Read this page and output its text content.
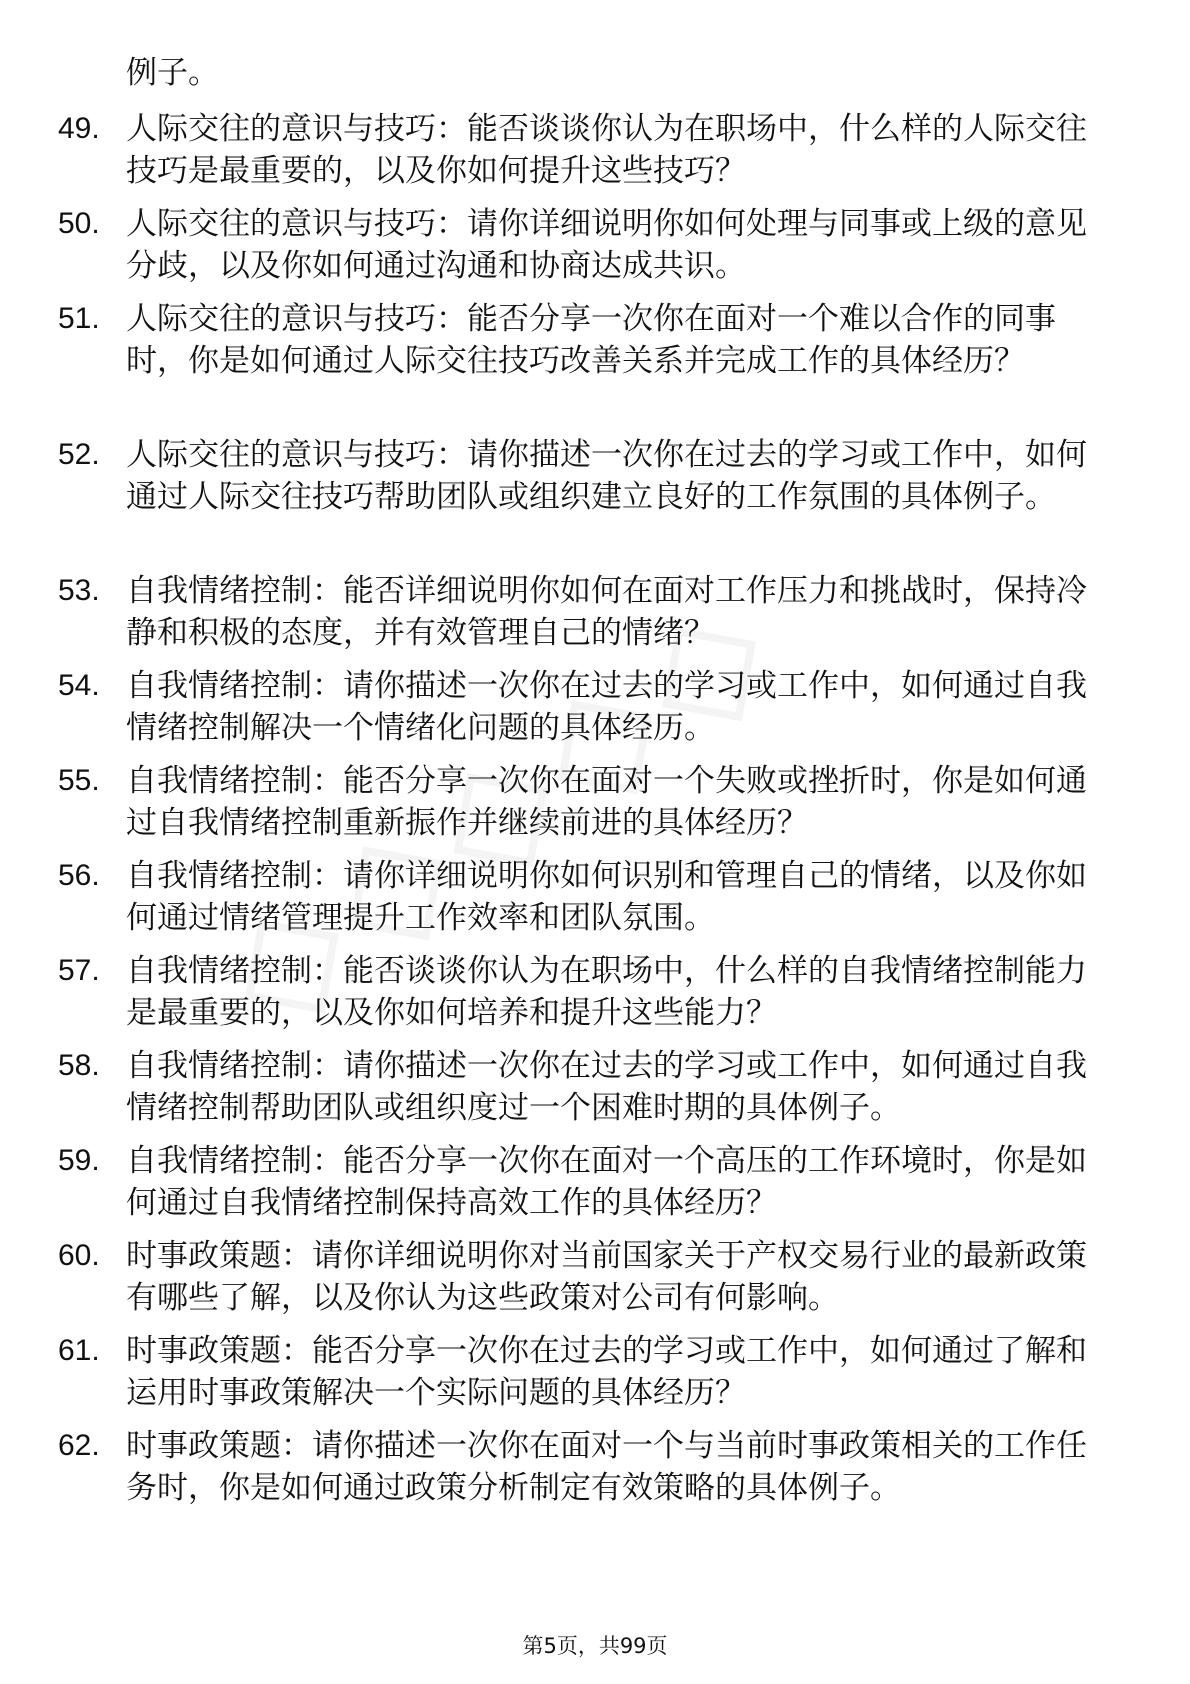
例子。
49. 人际交往的意识与技巧：能否谈谈你认为在职场中，什么样的人际交往技巧是最重要的，以及你如何提升这些技巧？
50. 人际交往的意识与技巧：请你详细说明你如何处理与同事或上级的意见分歧，以及你如何通过沟通和协商达成共识。
51. 人际交往的意识与技巧：能否分享一次你在面对一个难以合作的同事时，你是如何通过人际交往技巧改善关系并完成工作的具体经历？
52. 人际交往的意识与技巧：请你描述一次你在过去的学习或工作中，如何通过人际交往技巧帮助团队或组织建立良好的工作氛围的具体例子。
53. 自我情绪控制：能否详细说明你如何在面对工作压力和挑战时，保持冷静和积极的态度，并有效管理自己的情绪？
54. 自我情绪控制：请你描述一次你在过去的学习或工作中，如何通过自我情绪控制解决一个情绪化问题的具体经历。
55. 自我情绪控制：能否分享一次你在面对一个失败或挫折时，你是如何通过自我情绪控制重新振作并继续前进的具体经历？
56. 自我情绪控制：请你详细说明你如何识别和管理自己的情绪，以及你如何通过情绪管理提升工作效率和团队氛围。
57. 自我情绪控制：能否谈谈你认为在职场中，什么样的自我情绪控制能力是最重要的，以及你如何培养和提升这些能力？
58. 自我情绪控制：请你描述一次你在过去的学习或工作中，如何通过自我情绪控制帮助团队或组织度过一个困难时期的具体例子。
59. 自我情绪控制：能否分享一次你在面对一个高压的工作环境时，你是如何通过自我情绪控制保持高效工作的具体经历？
60. 时事政策题：请你详细说明你对当前国家关于产权交易行业的最新政策有哪些了解，以及你认为这些政策对公司有何影响。
61. 时事政策题：能否分享一次你在过去的学习或工作中，如何通过了解和运用时事政策解决一个实际问题的具体经历？
62. 时事政策题：请你描述一次你在面对一个与当前时事政策相关的工作任务时，你是如何通过政策分析制定有效策略的具体例子。
第5页，共99页
